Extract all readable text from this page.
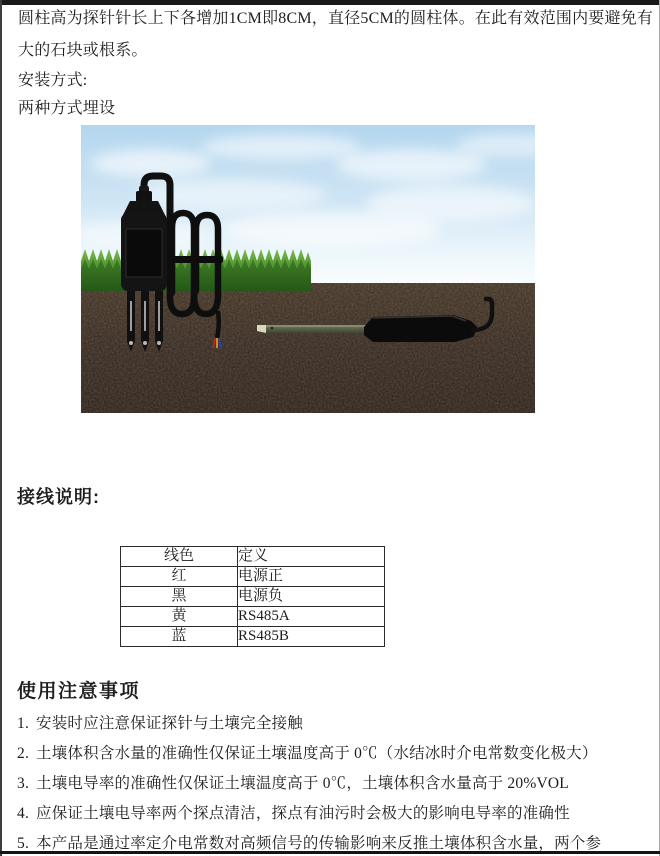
圆柱高为探针针长上下各增加1CM即8CM，直径5CM的圆柱体。在此有效范围内要避免有
大的石块或根系。
安装方式:
两种方式埋设
接线说明:
线色	定义
红	电源正
黑	电源负
黄	RS485A
蓝	RS485B
使用注意事项
1. 安装时应注意保证探针与土壤完全接触
2. 土壤体积含水量的准确性仅保证土壤温度高于 0℃（水结冰时介电常数变化极大）
3. 土壤电导率的准确性仅保证土壤温度高于 0℃，土壤体积含水量高于 20%VOL
4. 应保证土壤电导率两个探点清洁，探点有油污时会极大的影响电导率的准确性
5. 本产品是通过率定介电常数对高频信号的传输影响来反推土壤体积含水量，两个参
